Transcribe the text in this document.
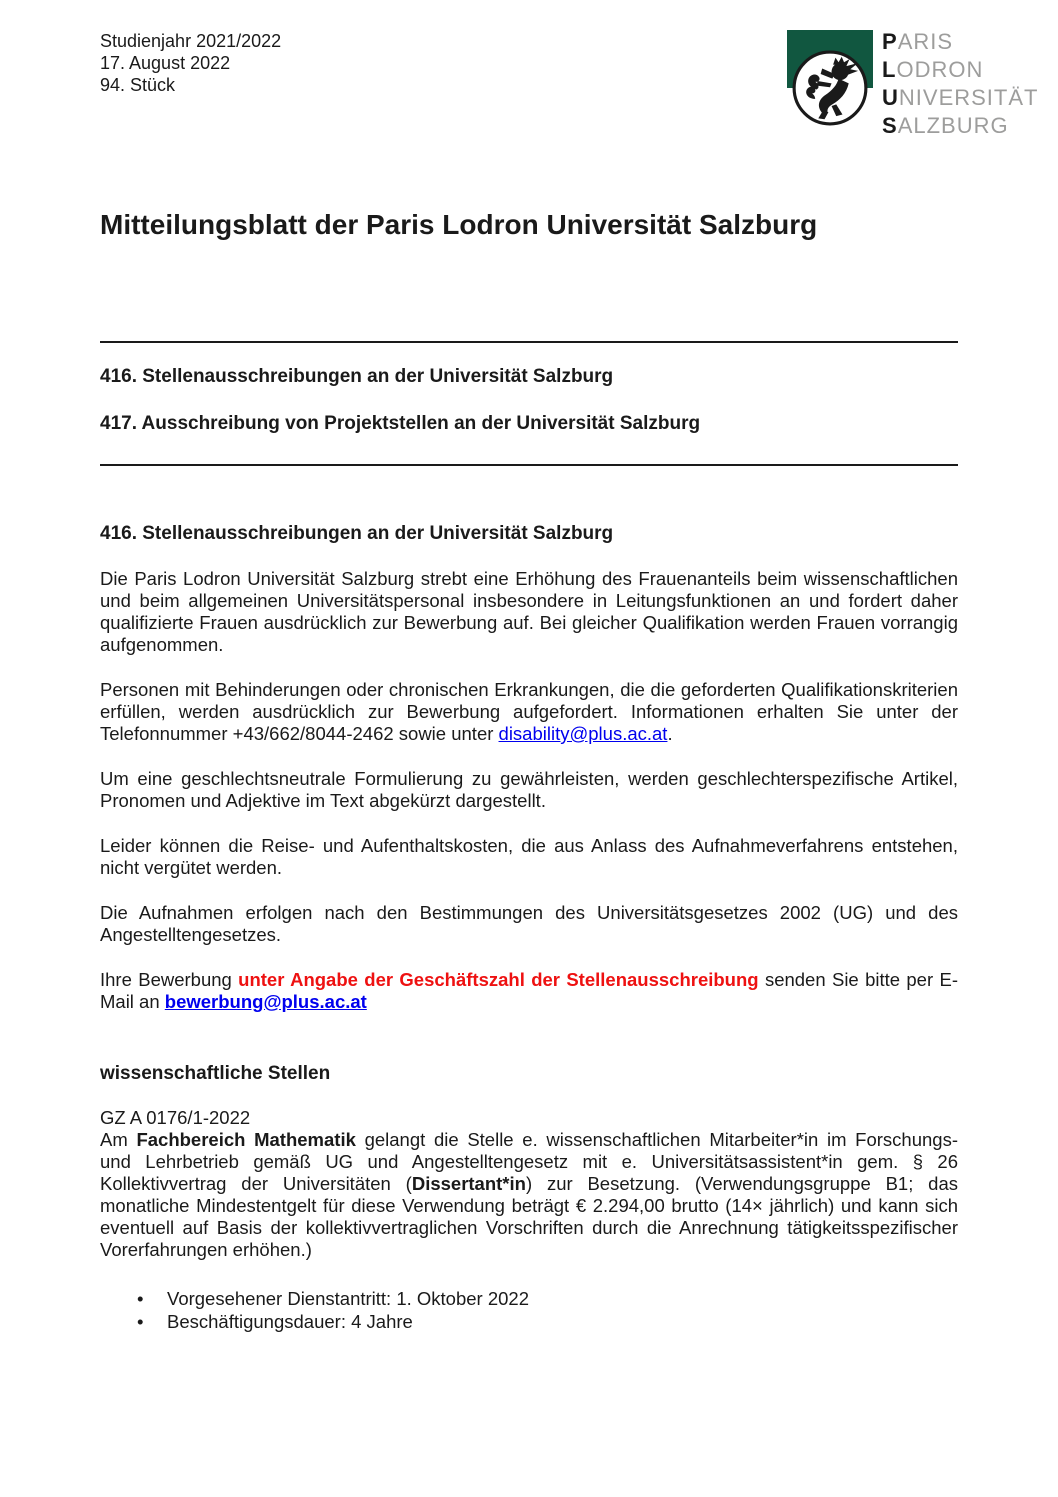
Studienjahr 2021/2022
17. August 2022
94. Stück
PARIS
LODRON
UNIVERSITÄT
SALZBURG
Mitteilungsblatt der Paris Lodron Universität Salzburg
416. Stellenausschreibungen an der Universität Salzburg
417. Ausschreibung von Projektstellen an der Universität Salzburg
416. Stellenausschreibungen an der Universität Salzburg

Die Paris Lodron Universität Salzburg strebt eine Erhöhung des Frauenanteils beim wissenschaftlichen und beim allgemeinen Universitätspersonal insbesondere in Leitungsfunktionen an und fordert daher qualifizierte Frauen ausdrücklich zur Bewerbung auf. Bei gleicher Qualifikation werden Frauen vorrangig aufgenommen.

Personen mit Behinderungen oder chronischen Erkrankungen, die die geforderten Qualifikationskriterien erfüllen, werden ausdrücklich zur Bewerbung aufgefordert. Informationen erhalten Sie unter der Telefonnummer +43/662/8044-2462 sowie unter disability@plus.ac.at.

Um eine geschlechtsneutrale Formulierung zu gewährleisten, werden geschlechterspezifische Artikel, Pronomen und Adjektive im Text abgekürzt dargestellt.

Leider können die Reise- und Aufenthaltskosten, die aus Anlass des Aufnahmeverfahrens entstehen, nicht vergütet werden.

Die Aufnahmen erfolgen nach den Bestimmungen des Universitätsgesetzes 2002 (UG) und des Angestelltengesetzes.

Ihre Bewerbung unter Angabe der Geschäftszahl der Stellenausschreibung senden Sie bitte per E-Mail an bewerbung@plus.ac.at

wissenschaftliche Stellen
GZ A 0176/1-2022
Am Fachbereich Mathematik gelangt die Stelle e. wissenschaftlichen Mitarbeiter*in im Forschungs- und Lehrbetrieb gemäß UG und Angestelltengesetz mit e. Universitätsassistent*in gem. § 26 Kollektivvertrag der Universitäten (Dissertant*in) zur Besetzung. (Verwendungsgruppe B1; das monatliche Mindestentgelt für diese Verwendung beträgt € 2.294,00 brutto (14× jährlich) und kann sich eventuell auf Basis der kollektivvertraglichen Vorschriften durch die Anrechnung tätigkeitsspezifischer Vorerfahrungen erhöhen.)
• Vorgesehener Dienstantritt: 1. Oktober 2022
• Beschäftigungsdauer: 4 Jahre
